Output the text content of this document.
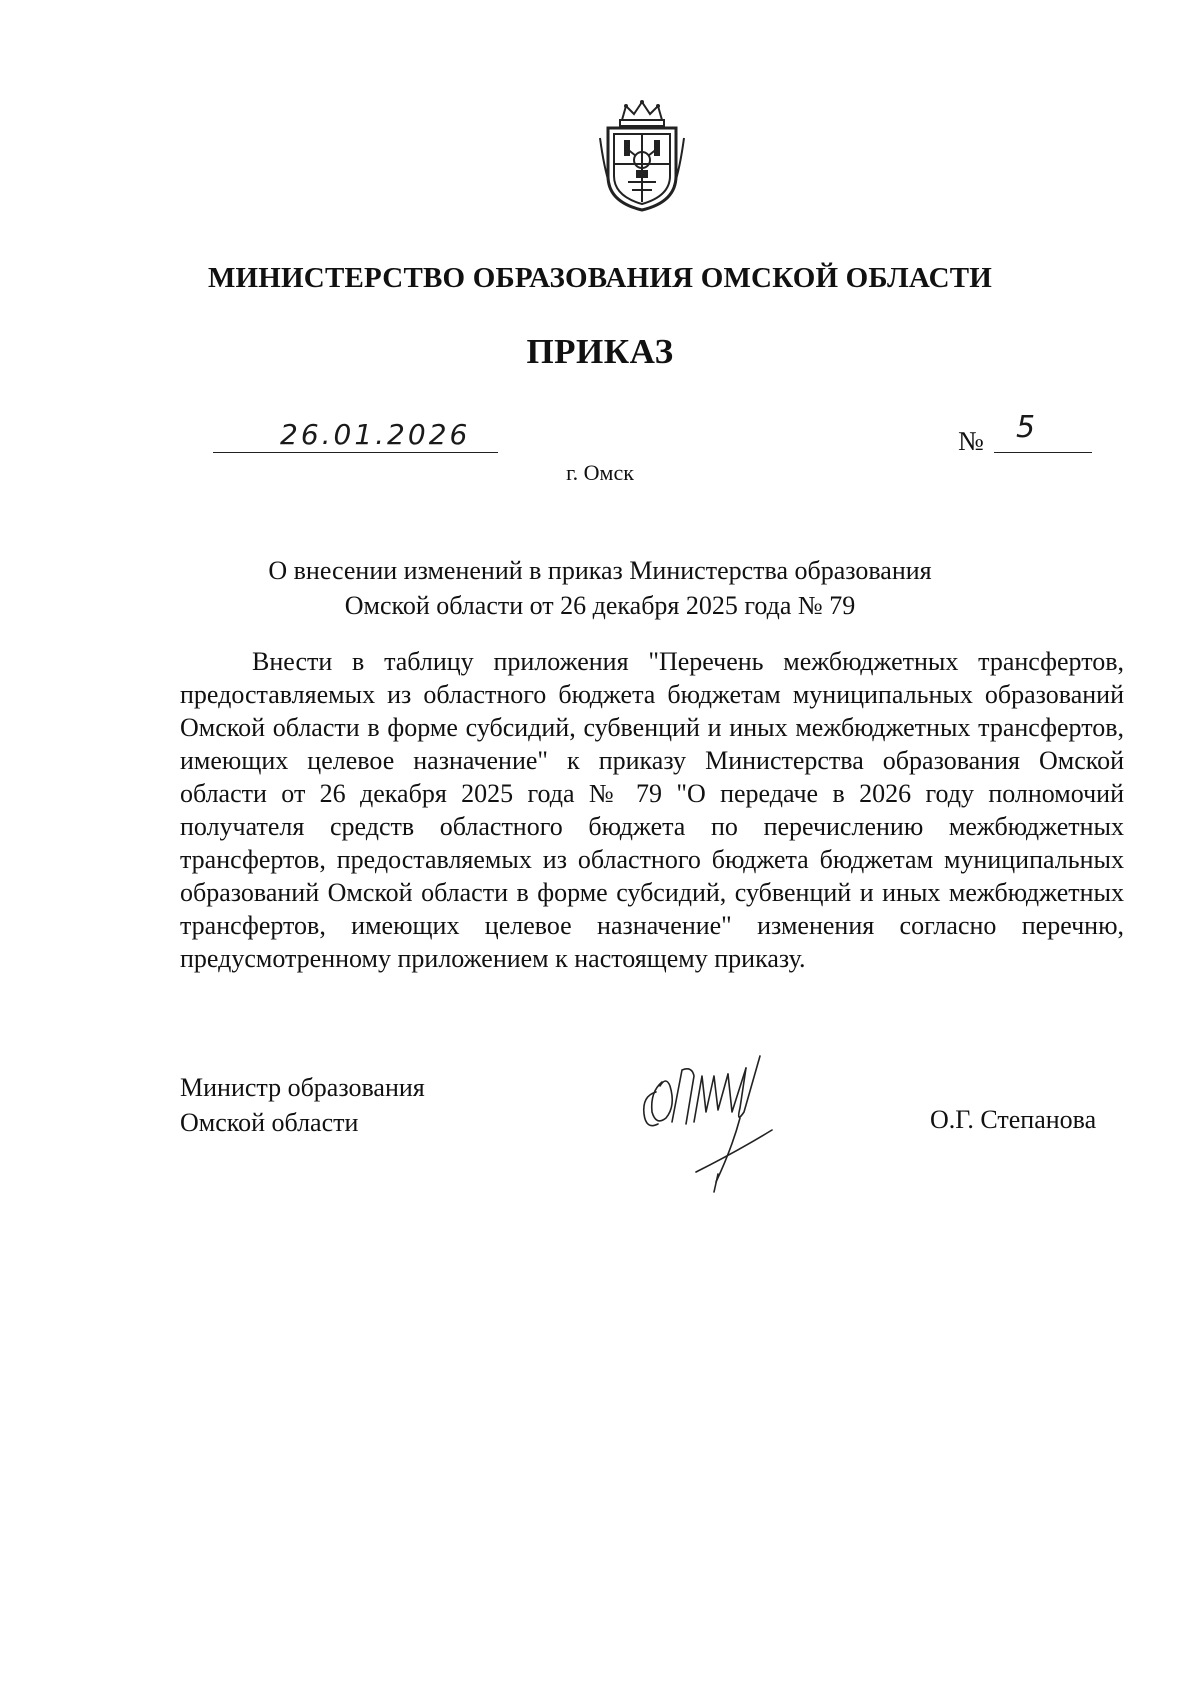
МИНИСТЕРСТВО ОБРАЗОВАНИЯ ОМСКОЙ ОБЛАСТИ
ПРИКАЗ
26.01.2026	№ 5
г. Омск
О внесении изменений в приказ Министерства образования
Омской области от 26 декабря 2025 года № 79
Внести в таблицу приложения "Перечень межбюджетных трансфертов, предоставляемых из областного бюджета бюджетам муниципальных образований Омской области в форме субсидий, субвенций и иных межбюджетных трансфертов, имеющих целевое назначение" к приказу Министерства образования Омской области от 26 декабря 2025 года № 79 "О передаче в 2026 году полномочий получателя средств областного бюджета по перечислению межбюджетных трансфертов, предоставляемых из областного бюджета бюджетам муниципальных образований Омской области в форме субсидий, субвенций и иных межбюджетных трансфертов, имеющих целевое назначение" изменения согласно перечню, предусмотренному приложением к настоящему приказу.
Министр образования
Омской области	О.Г. Степанова
